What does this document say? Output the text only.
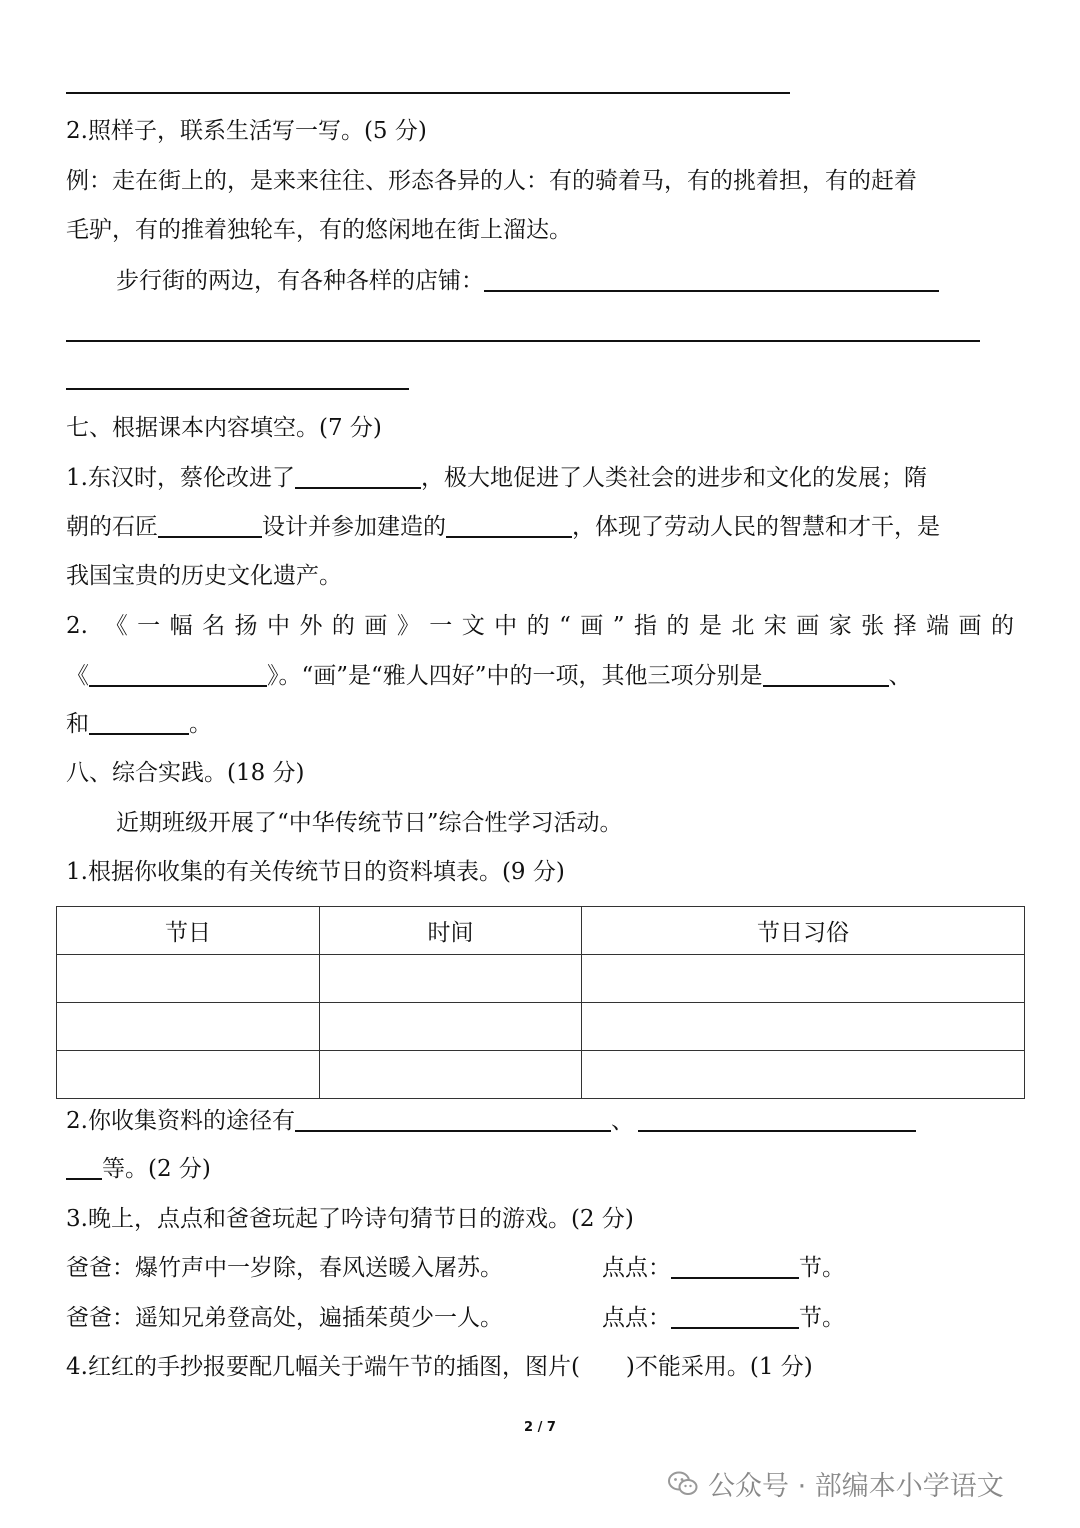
2.照样子，联系生活写一写。(5 分)
例：走在街上的，是来来往往、形态各异的人：有的骑着马，有的挑着担，有的赶着
毛驴，有的推着独轮车，有的悠闲地在街上溜达。
步行街的两边，有各种各样的店铺：
七、根据课本内容填空。(7 分)
1.东汉时，蔡伦改进了	，极大地促进了人类社会的进步和文化的发展；隋
朝的石匠	设计并参加建造的	，体现了劳动人民的智慧和才干，是
我国宝贵的历史文化遗产。
2. 《一幅名扬中外的画》一文中的“画”指的是北宋画家张择端画的
《	》。“画”是“雅人四好”中的一项，其他三项分别是	、
和	。
八、综合实践。(18 分)
近期班级开展了“中华传统节日”综合性学习活动。
1.根据你收集的有关传统节日的资料填表。(9 分)
节日	时间	节日习俗

2.你收集资料的途径有	、
等。(2 分)
3.晚上，点点和爸爸玩起了吟诗句猜节日的游戏。(2 分)
爸爸：爆竹声中一岁除，春风送暖入屠苏。	点点：	节。
爸爸：遥知兄弟登高处，遍插茱萸少一人。	点点：	节。
4.红红的手抄报要配几幅关于端午节的插图，图片(　　)不能采用。(1 分)
2 / 7
公众号 · 部编本小学语文
